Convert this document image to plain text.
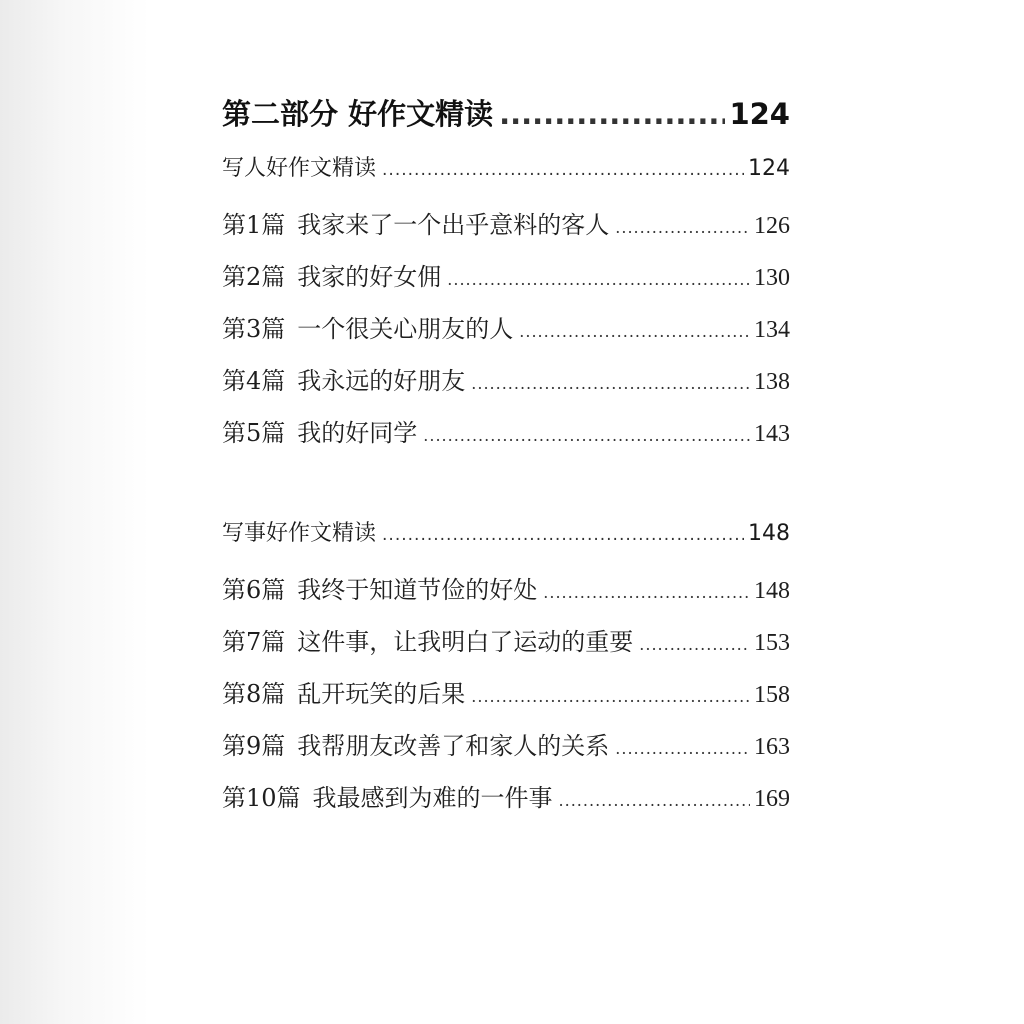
第二部分 好作文精读 .....	124
写人好作文精读 .....	124
第1篇 我家来了一个出乎意料的客人 .....	126
第2篇 我家的好女佣 .....	130
第3篇 一个很关心朋友的人 .....	134
第4篇 我永远的好朋友 .....	138
第5篇 我的好同学 .....	143
写事好作文精读 .....	148
第6篇 我终于知道节俭的好处 .....	148
第7篇 这件事，让我明白了运动的重要 .....	153
第8篇 乱开玩笑的后果 .....	158
第9篇 我帮朋友改善了和家人的关系 .....	163
第10篇 我最感到为难的一件事 .....	169
